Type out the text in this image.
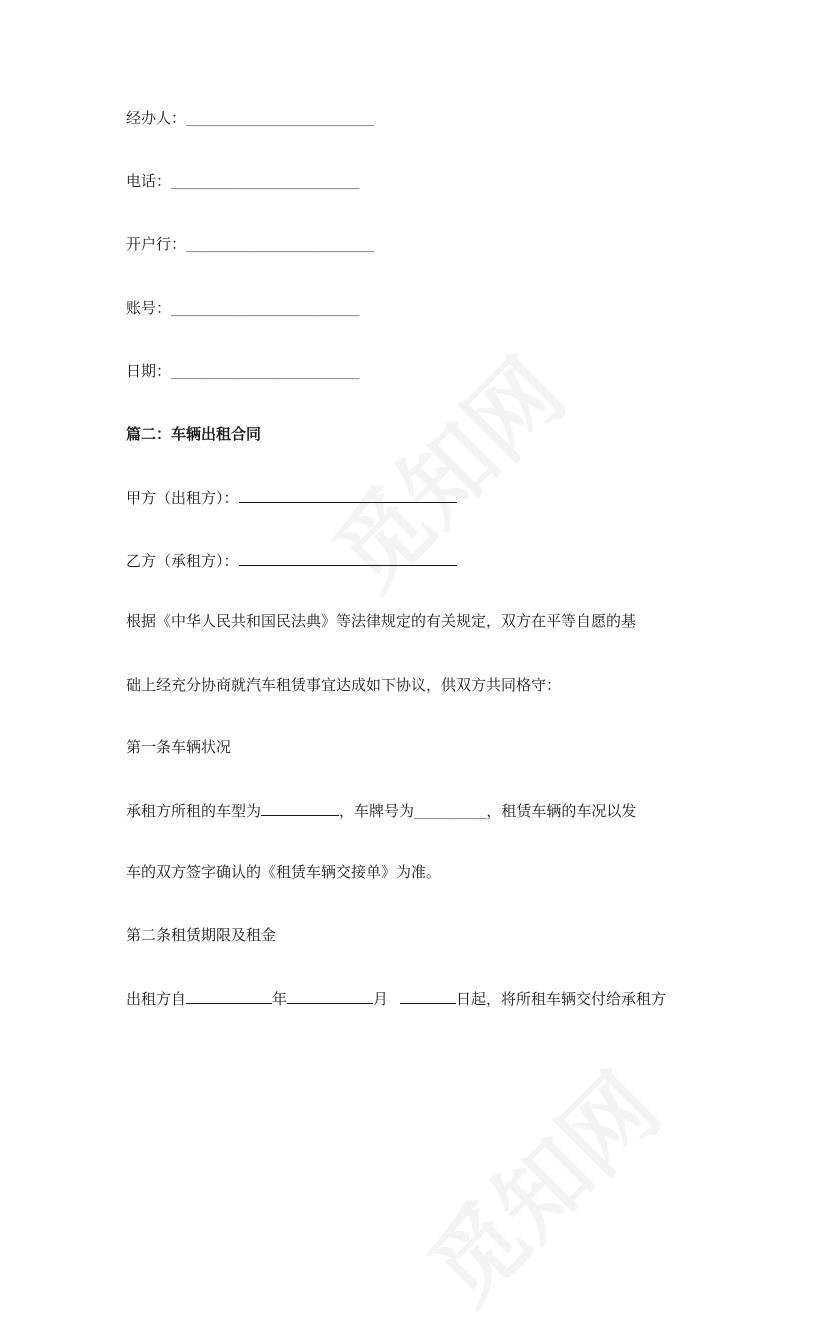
经办人：__________________________
电话：__________________________
开户行：__________________________
账号：__________________________
日期：__________________________
篇二：车辆出租合同
甲方（出租方）：
乙方（承租方）：
根据《中华人民共和国民法典》等法律规定的有关规定，双方在平等自愿的基
础上经充分协商就汽车租赁事宜达成如下协议，供双方共同格守：
第一条车辆状况
承租方所租的车型为	，车牌号为__________，租赁车辆的车况以发
车的双方签字确认的《租赁车辆交接单》为准。
第二条租赁期限及租金
出租方自	年	月	日起，将所租车辆交付给承租方
